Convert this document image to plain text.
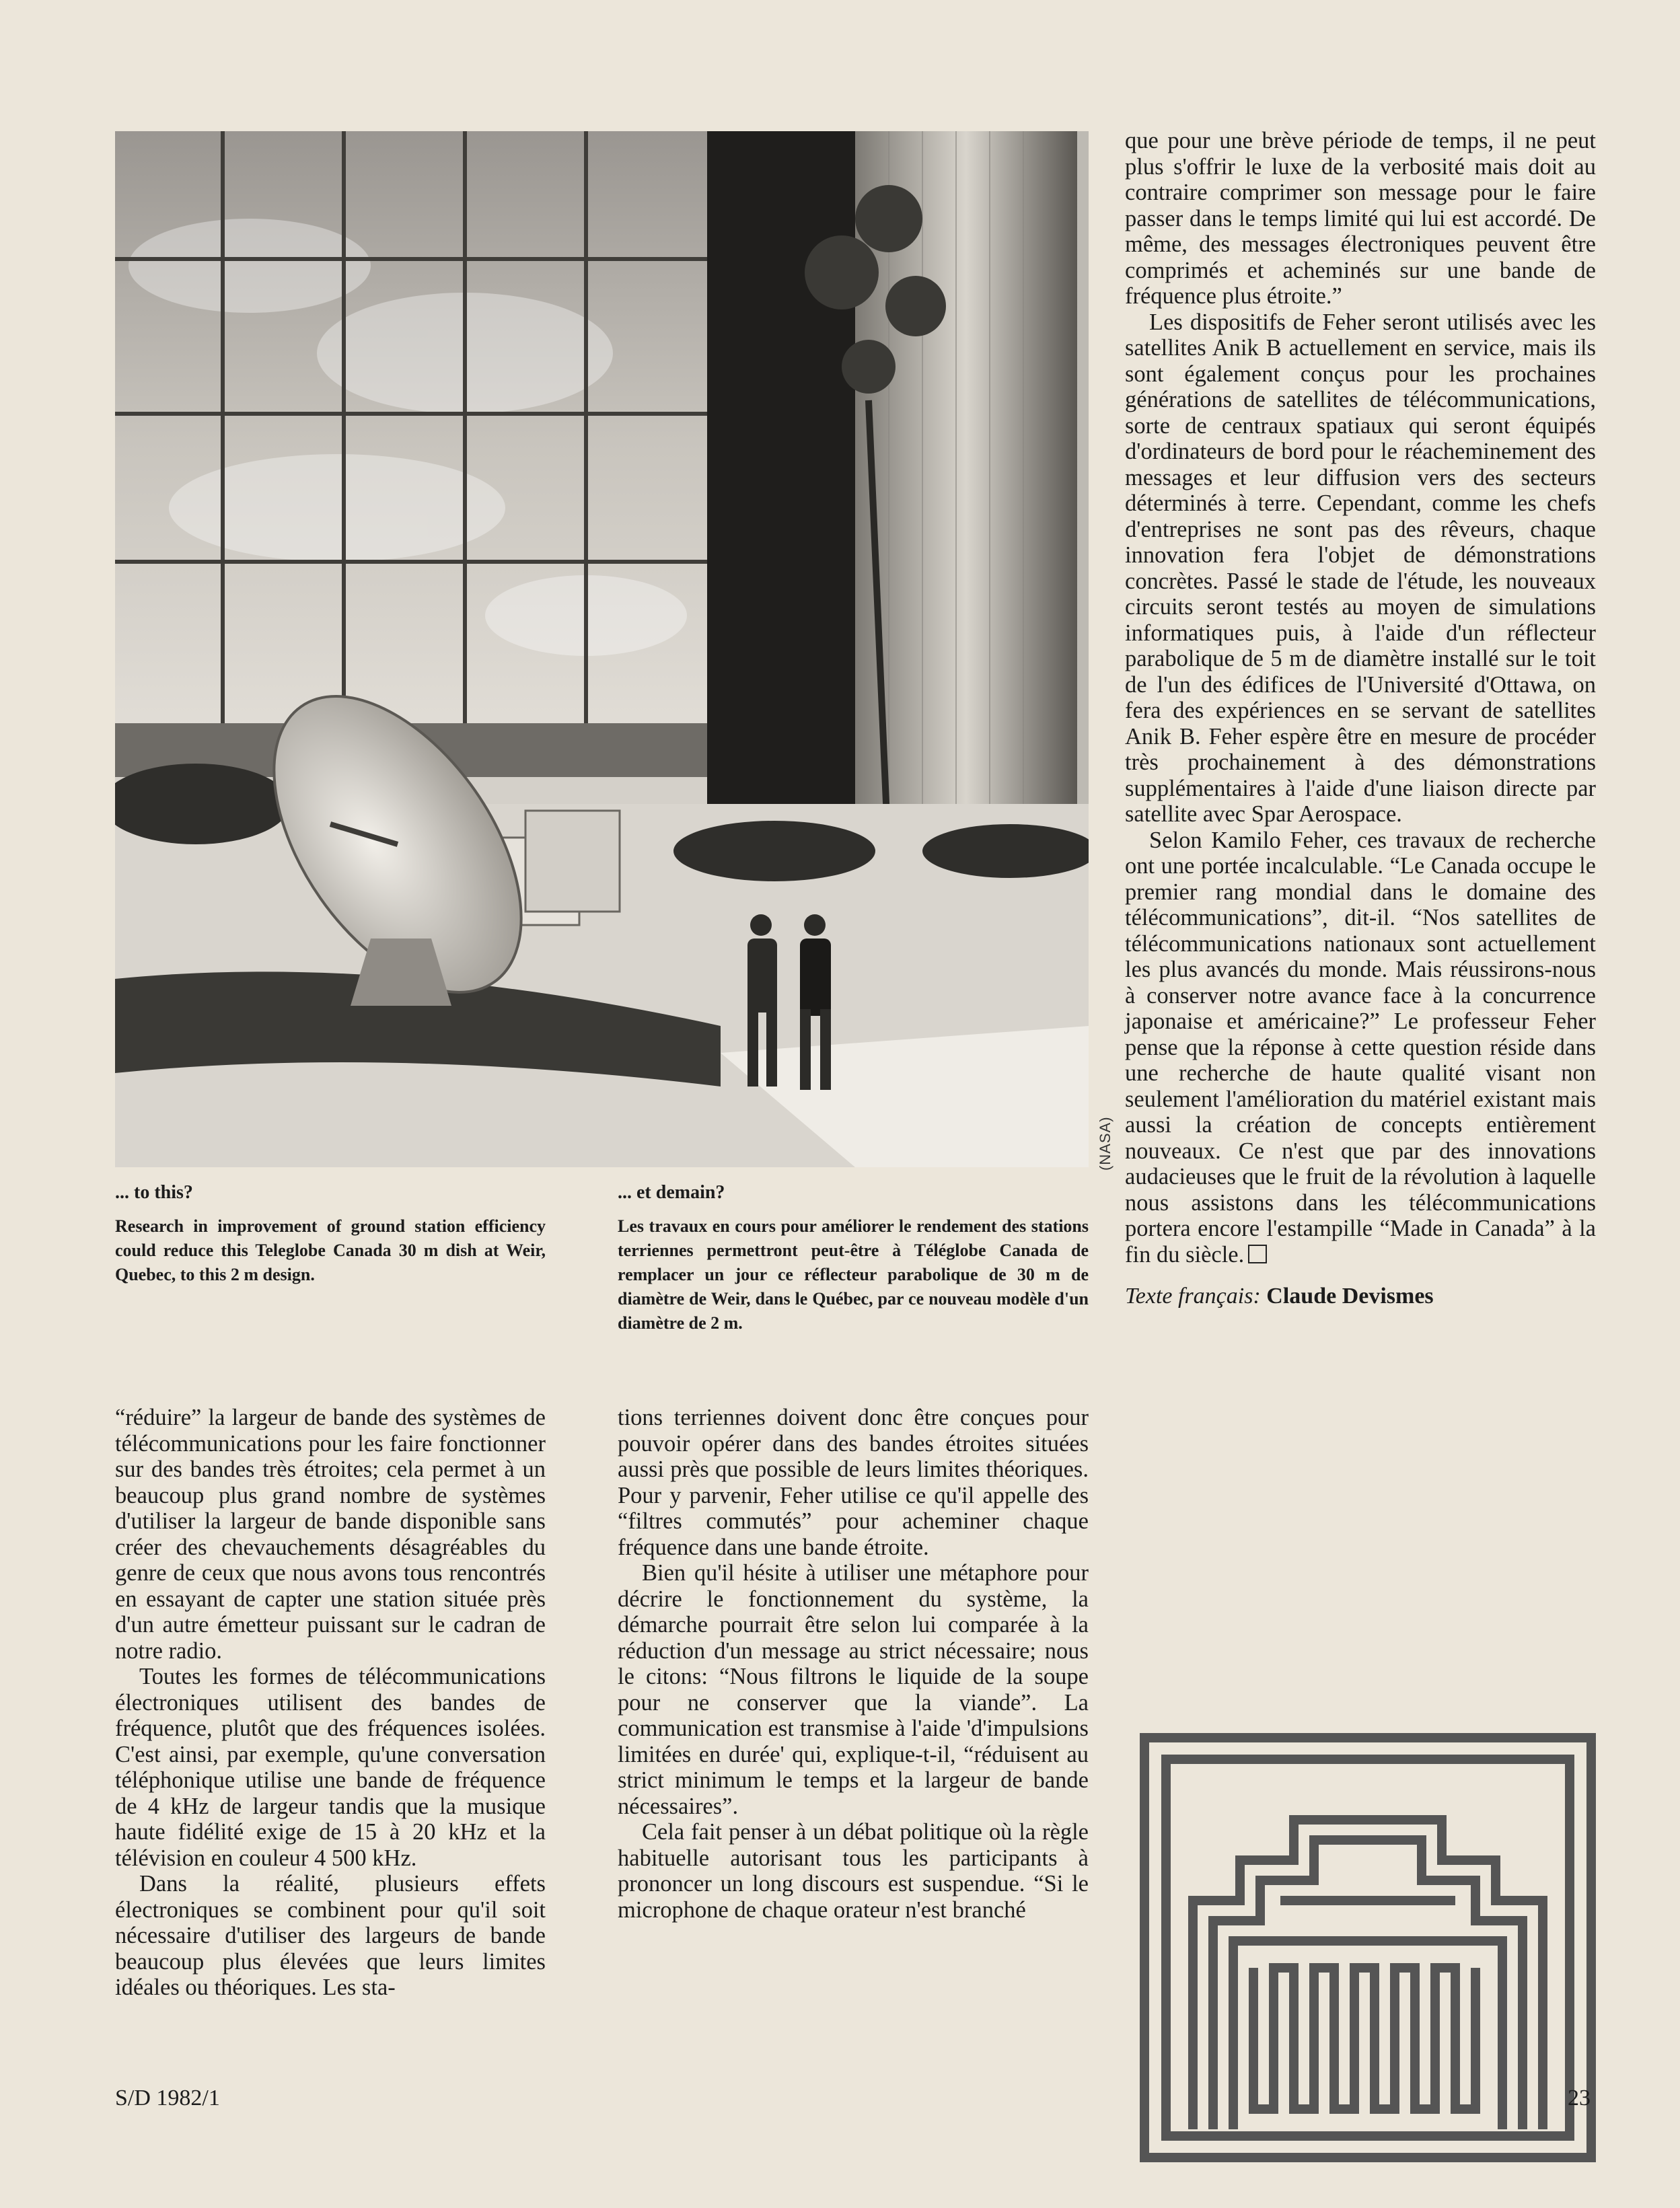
(NASA)
... to this?
Research in improvement of ground station efficiency could reduce this Teleglobe Canada 30 m dish at Weir, Quebec, to this 2 m design.
... et demain?
Les travaux en cours pour améliorer le rendement des stations terriennes permettront peut-être à Téléglobe Canada de remplacer un jour ce réflecteur parabolique de 30 m de diamètre de Weir, dans le Québec, par ce nouveau modèle d'un diamètre de 2 m.

“réduire” la largeur de bande des systèmes de télécommunications pour les faire fonctionner sur des bandes très étroites; cela permet à un beaucoup plus grand nombre de systèmes d'utiliser la largeur de bande disponible sans créer des chevauchements désagréables du genre de ceux que nous avons tous rencontrés en essayant de capter une station située près d'un autre émetteur puissant sur le cadran de notre radio.

Toutes les formes de télécommunications électroniques utilisent des bandes de fréquence, plutôt que des fréquences isolées. C'est ainsi, par exemple, qu'une conversation téléphonique utilise une bande de fréquence de 4 kHz de largeur tandis que la musique haute fidélité exige de 15 à 20 kHz et la télévision en couleur 4 500 kHz.

Dans la réalité, plusieurs effets électroniques se combinent pour qu'il soit nécessaire d'utiliser des largeurs de bande beaucoup plus élevées que leurs limites idéales ou théoriques. Les sta-

tions terriennes doivent donc être conçues pour pouvoir opérer dans des bandes étroites situées aussi près que possible de leurs limites théoriques. Pour y parvenir, Feher utilise ce qu'il appelle des “filtres commutés” pour acheminer chaque fréquence dans une bande étroite.

Bien qu'il hésite à utiliser une métaphore pour décrire le fonctionnement du système, la démarche pourrait être selon lui comparée à la réduction d'un message au strict nécessaire; nous le citons: “Nous filtrons le liquide de la soupe pour ne conserver que la viande”. La communication est transmise à l'aide 'd'impulsions limitées en durée' qui, explique-t-il, “réduisent au strict minimum le temps et la largeur de bande nécessaires”.

Cela fait penser à un débat politique où la règle habituelle autorisant tous les participants à prononcer un long discours est suspendue. “Si le microphone de chaque orateur n'est branché

que pour une brève période de temps, il ne peut plus s'offrir le luxe de la verbosité mais doit au contraire comprimer son message pour le faire passer dans le temps limité qui lui est accordé. De même, des messages électroniques peuvent être comprimés et acheminés sur une bande de fréquence plus étroite.”

Les dispositifs de Feher seront utilisés avec les satellites Anik B actuellement en service, mais ils sont également conçus pour les prochaines générations de satellites de télécommunications, sorte de centraux spatiaux qui seront équipés d'ordinateurs de bord pour le réacheminement des messages et leur diffusion vers des secteurs déterminés à terre. Cependant, comme les chefs d'entreprises ne sont pas des rêveurs, chaque innovation fera l'objet de démonstrations concrètes. Passé le stade de l'étude, les nouveaux circuits seront testés au moyen de simulations informatiques puis, à l'aide d'un réflecteur parabolique de 5 m de diamètre installé sur le toit de l'un des édifices de l'Université d'Ottawa, on fera des expériences en se servant de satellites Anik B. Feher espère être en mesure de procéder très prochainement à des démonstrations supplémentaires à l'aide d'une liaison directe par satellite avec Spar Aerospace.

Selon Kamilo Feher, ces travaux de recherche ont une portée incalculable. “Le Canada occupe le premier rang mondial dans le domaine des télécommunications”, dit-il. “Nos satellites de télécommunications nationaux sont actuellement les plus avancés du monde. Mais réussirons-nous à conserver notre avance face à la concurrence japonaise et américaine?” Le professeur Feher pense que la réponse à cette question réside dans une recherche de haute qualité visant non seulement l'amélioration du matériel existant mais aussi la création de concepts entièrement nouveaux. Ce n'est que par des innovations audacieuses que le fruit de la révolution à laquelle nous assistons dans les télécommunications portera encore l'estampille “Made in Canada” à la fin du siècle.

Texte français: Claude Devismes
S/D 1982/1	23
